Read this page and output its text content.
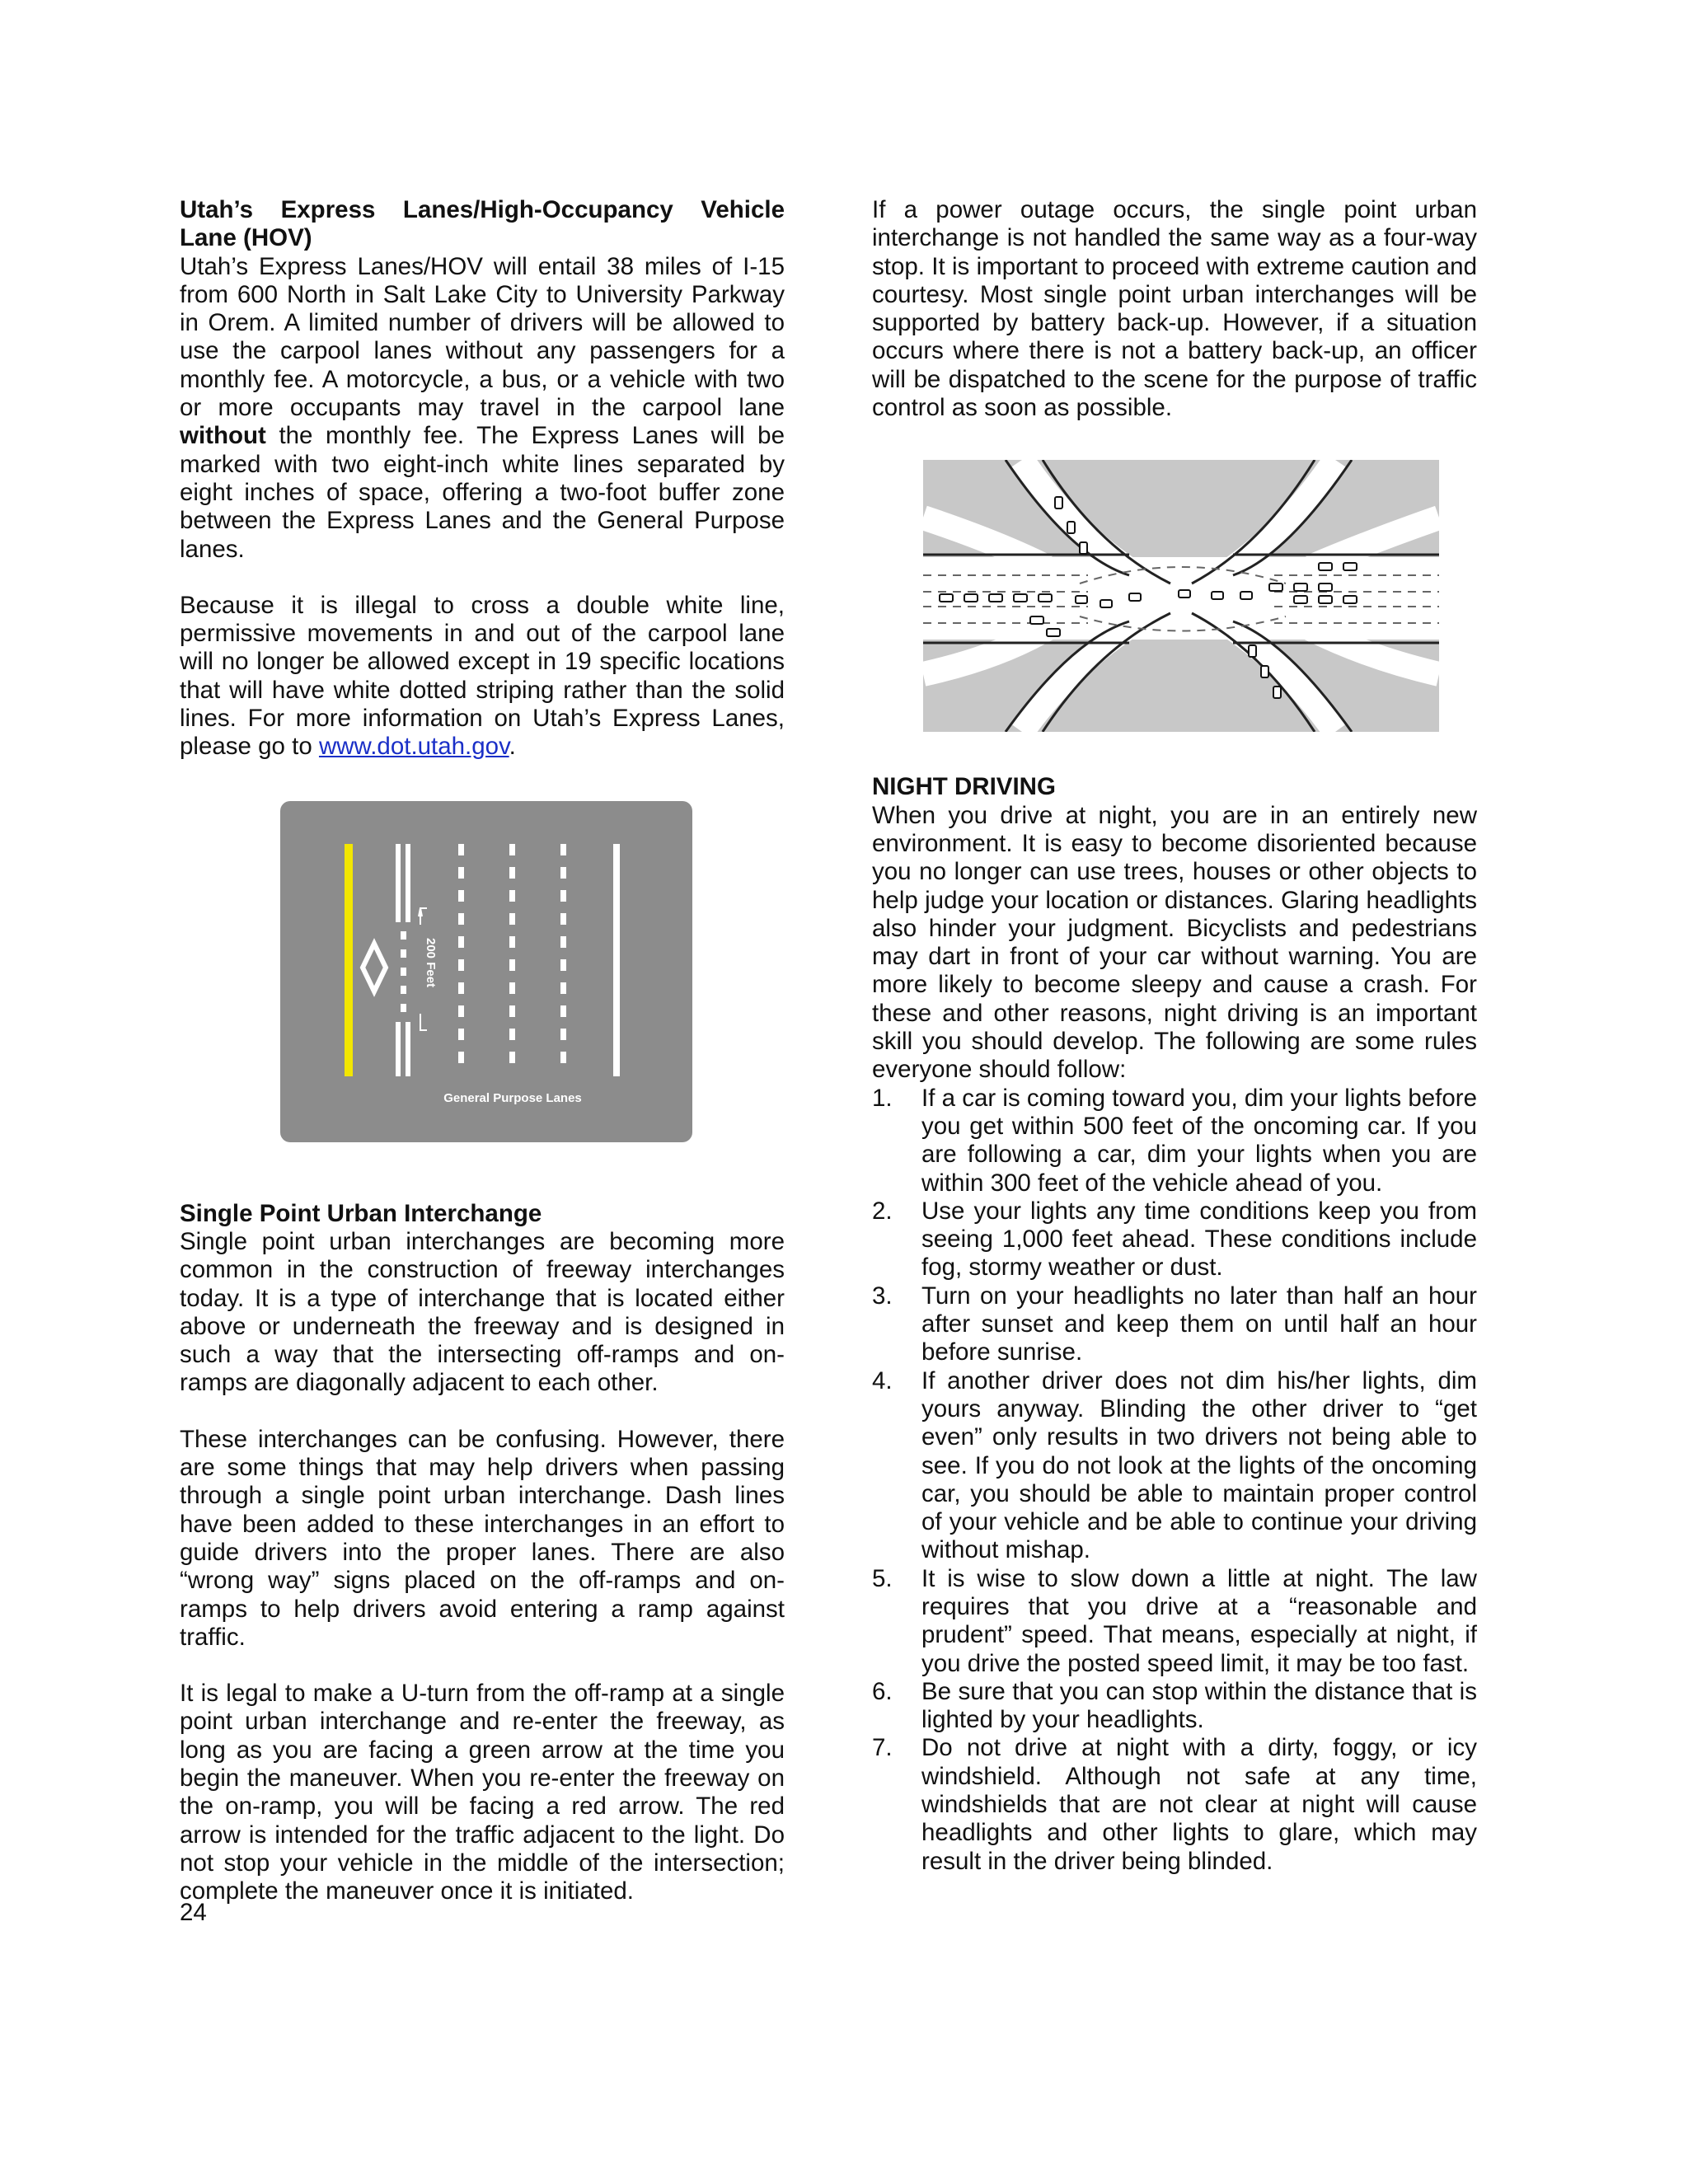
Utah’s Express Lanes/High-Occupancy Vehicle Lane (HOV)

Utah’s Express Lanes/HOV will entail 38 miles of I-15 from 600 North in Salt Lake City to University Parkway in Orem. A limited number of drivers will be allowed to use the carpool lanes without any passengers for a monthly fee. A motorcycle, a bus, or a vehicle with two or more occupants may travel in the carpool lane without the monthly fee. The Express Lanes will be marked with two eight-inch white lines separated by eight inches of space, offering a two-foot buffer zone between the Express Lanes and the General Purpose lanes.

Because it is illegal to cross a double white line, permissive movements in and out of the carpool lane will no longer be allowed except in 19 specific locations that will have white dotted striping rather than the solid lines. For more information on Utah’s Express Lanes, please go to www.dot.utah.gov.

200 Feet
General Purpose Lanes
Single Point Urban Interchange

Single point urban interchanges are becoming more common in the construction of freeway interchanges today. It is a type of interchange that is located either above or underneath the freeway and is designed in such a way that the intersecting off-ramps and on-ramps are diagonally adjacent to each other.

These interchanges can be confusing. However, there are some things that may help drivers when passing through a single point urban interchange. Dash lines have been added to these interchanges in an effort to guide drivers into the proper lanes. There are also “wrong way” signs placed on the off-ramps and on-ramps to help drivers avoid entering a ramp against traffic.

It is legal to make a U-turn from the off-ramp at a single point urban interchange and re-enter the freeway, as long as you are facing a green arrow at the time you begin the maneuver. When you re-enter the freeway on the on-ramp, you will be facing a red arrow. The red arrow is intended for the traffic adjacent to the light. Do not stop your vehicle in the middle of the intersection; complete the maneuver once it is initiated.

24

If a power outage occurs, the single point urban interchange is not handled the same way as a four-way stop. It is important to proceed with extreme caution and courtesy. Most single point urban interchanges will be supported by battery back-up. However, if a situation occurs where there is not a battery back-up, an officer will be dispatched to the scene for the purpose of traffic control as soon as possible.

NIGHT DRIVING

When you drive at night, you are in an entirely new environment. It is easy to become disoriented because you no longer can use trees, houses or other objects to help judge your location or distances. Glaring headlights also hinder your judgment. Bicyclists and pedestrians may dart in front of your car without warning. You are more likely to become sleepy and cause a crash. For these and other reasons, night driving is an important skill you should develop. The following are some rules everyone should follow:

1. If a car is coming toward you, dim your lights before you get within 500 feet of the oncoming car. If you are following a car, dim your lights when you are within 300 feet of the vehicle ahead of you.
2. Use your lights any time conditions keep you from seeing 1,000 feet ahead. These conditions include fog, stormy weather or dust.
3. Turn on your headlights no later than half an hour after sunset and keep them on until half an hour before sunrise.
4. If another driver does not dim his/her lights, dim yours anyway. Blinding the other driver to “get even” only results in two drivers not being able to see. If you do not look at the lights of the oncoming car, you should be able to maintain proper control of your vehicle and be able to continue your driving without mishap.
5. It is wise to slow down a little at night. The law requires that you drive at a “reasonable and prudent” speed. That means, especially at night, if you drive the posted speed limit, it may be too fast.
6. Be sure that you can stop within the distance that is lighted by your headlights.
7. Do not drive at night with a dirty, foggy, or icy windshield. Although not safe at any time, windshields that are not clear at night will cause headlights and other lights to glare, which may result in the driver being blinded.
